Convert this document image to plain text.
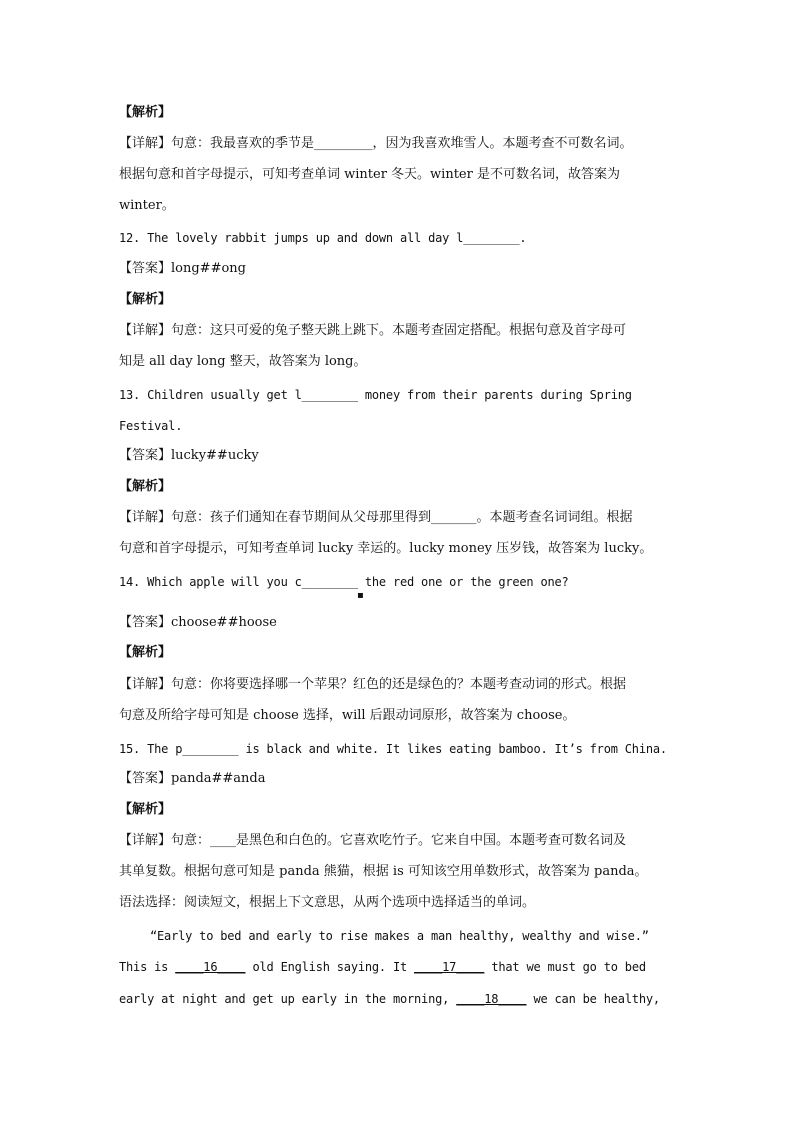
【解析】
【详解】句意：我最喜欢的季节是_________，因为我喜欢堆雪人。本题考查不可数名词。
根据句意和首字母提示，可知考查单词 winter 冬天。winter 是不可数名词，故答案为
winter。
12. The lovely rabbit jumps up and down all day l________.
【答案】long##ong
【解析】
【详解】句意：这只可爱的兔子整天跳上跳下。本题考查固定搭配。根据句意及首字母可
知是 all day long 整天，故答案为 long。
13. Children usually get l________ money from their parents during Spring
Festival.
【答案】lucky##ucky
【解析】
【详解】句意：孩子们通知在春节期间从父母那里得到_______。本题考查名词词组。根据
句意和首字母提示，可知考查单词 lucky 幸运的。lucky money 压岁钱，故答案为 lucky。
14. Which apple will you c________ the red one or the green one?
▪
【答案】choose##hoose
【解析】
【详解】句意：你将要选择哪一个苹果？红色的还是绿色的？本题考查动词的形式。根据
句意及所给字母可知是 choose 选择，will 后跟动词原形，故答案为 choose。
15. The p________ is black and white. It likes eating bamboo. It’s from China.
【答案】panda##anda
【解析】
【详解】句意：____是黑色和白色的。它喜欢吃竹子。它来自中国。本题考查可数名词及
其单复数。根据句意可知是 panda 熊猫，根据 is 可知该空用单数形式，故答案为 panda。
语法选择：阅读短文，根据上下文意思，从两个选项中选择适当的单词。
“Early to bed and early to rise makes a man healthy, wealthy and wise.”
This is ____16____ old English saying. It ____17____ that we must go to bed
early at night and get up early in the morning, ____18____ we can be healthy,
